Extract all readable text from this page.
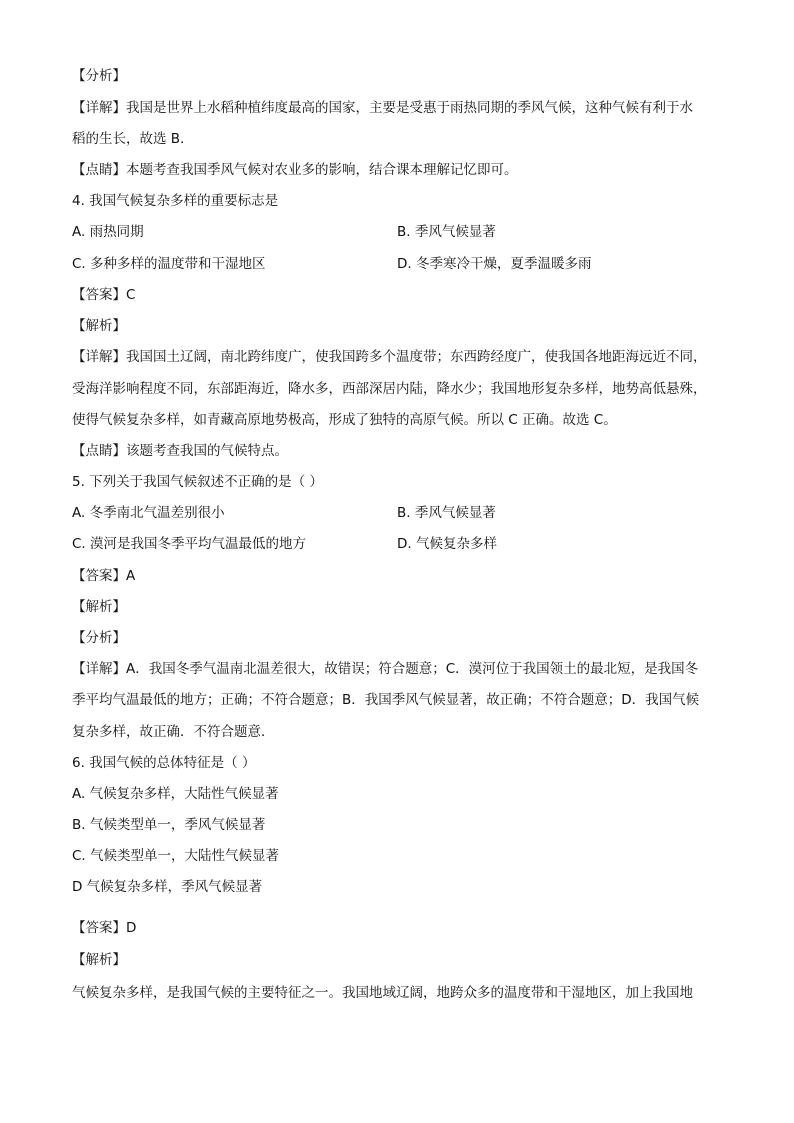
【分析】
【详解】我国是世界上水稻种植纬度最高的国家，主要是受惠于雨热同期的季风气候，这种气候有利于水
稻的生长，故选 B.
【点睛】本题考查我国季风气候对农业多的影响，结合课本理解记忆即可。
4. 我国气候复杂多样的重要标志是
A. 雨热同期	B. 季风气候显著
C. 多种多样的温度带和干湿地区	D. 冬季寒冷干燥，夏季温暖多雨
【答案】C
【解析】
【详解】我国国土辽阔，南北跨纬度广，使我国跨多个温度带；东西跨经度广，使我国各地距海远近不同，
受海洋影响程度不同，东部距海近，降水多，西部深居内陆，降水少；我国地形复杂多样，地势高低悬殊，
使得气候复杂多样，如青藏高原地势极高，形成了独特的高原气候。所以 C 正确。故选 C。
【点睛】该题考查我国的气候特点。
5. 下列关于我国气候叙述不正确的是（ ）
A. 冬季南北气温差别很小	B. 季风气候显著
C. 漠河是我国冬季平均气温最低的地方	D. 气候复杂多样
【答案】A
【解析】
【分析】
【详解】A．我国冬季气温南北温差很大，故错误；符合题意；C．漠河位于我国领土的最北短，是我国冬
季平均气温最低的地方；正确；不符合题意；B．我国季风气候显著，故正确；不符合题意；D．我国气候
复杂多样，故正确．不符合题意．
6. 我国气候的总体特征是（ ）
A. 气候复杂多样，大陆性气候显著
B. 气候类型单一，季风气候显著
C. 气候类型单一，大陆性气候显著
D 气候复杂多样，季风气候显著
【答案】D
【解析】
气候复杂多样，是我国气候的主要特征之一。我国地域辽阔，地跨众多的温度带和干湿地区，加上我国地
